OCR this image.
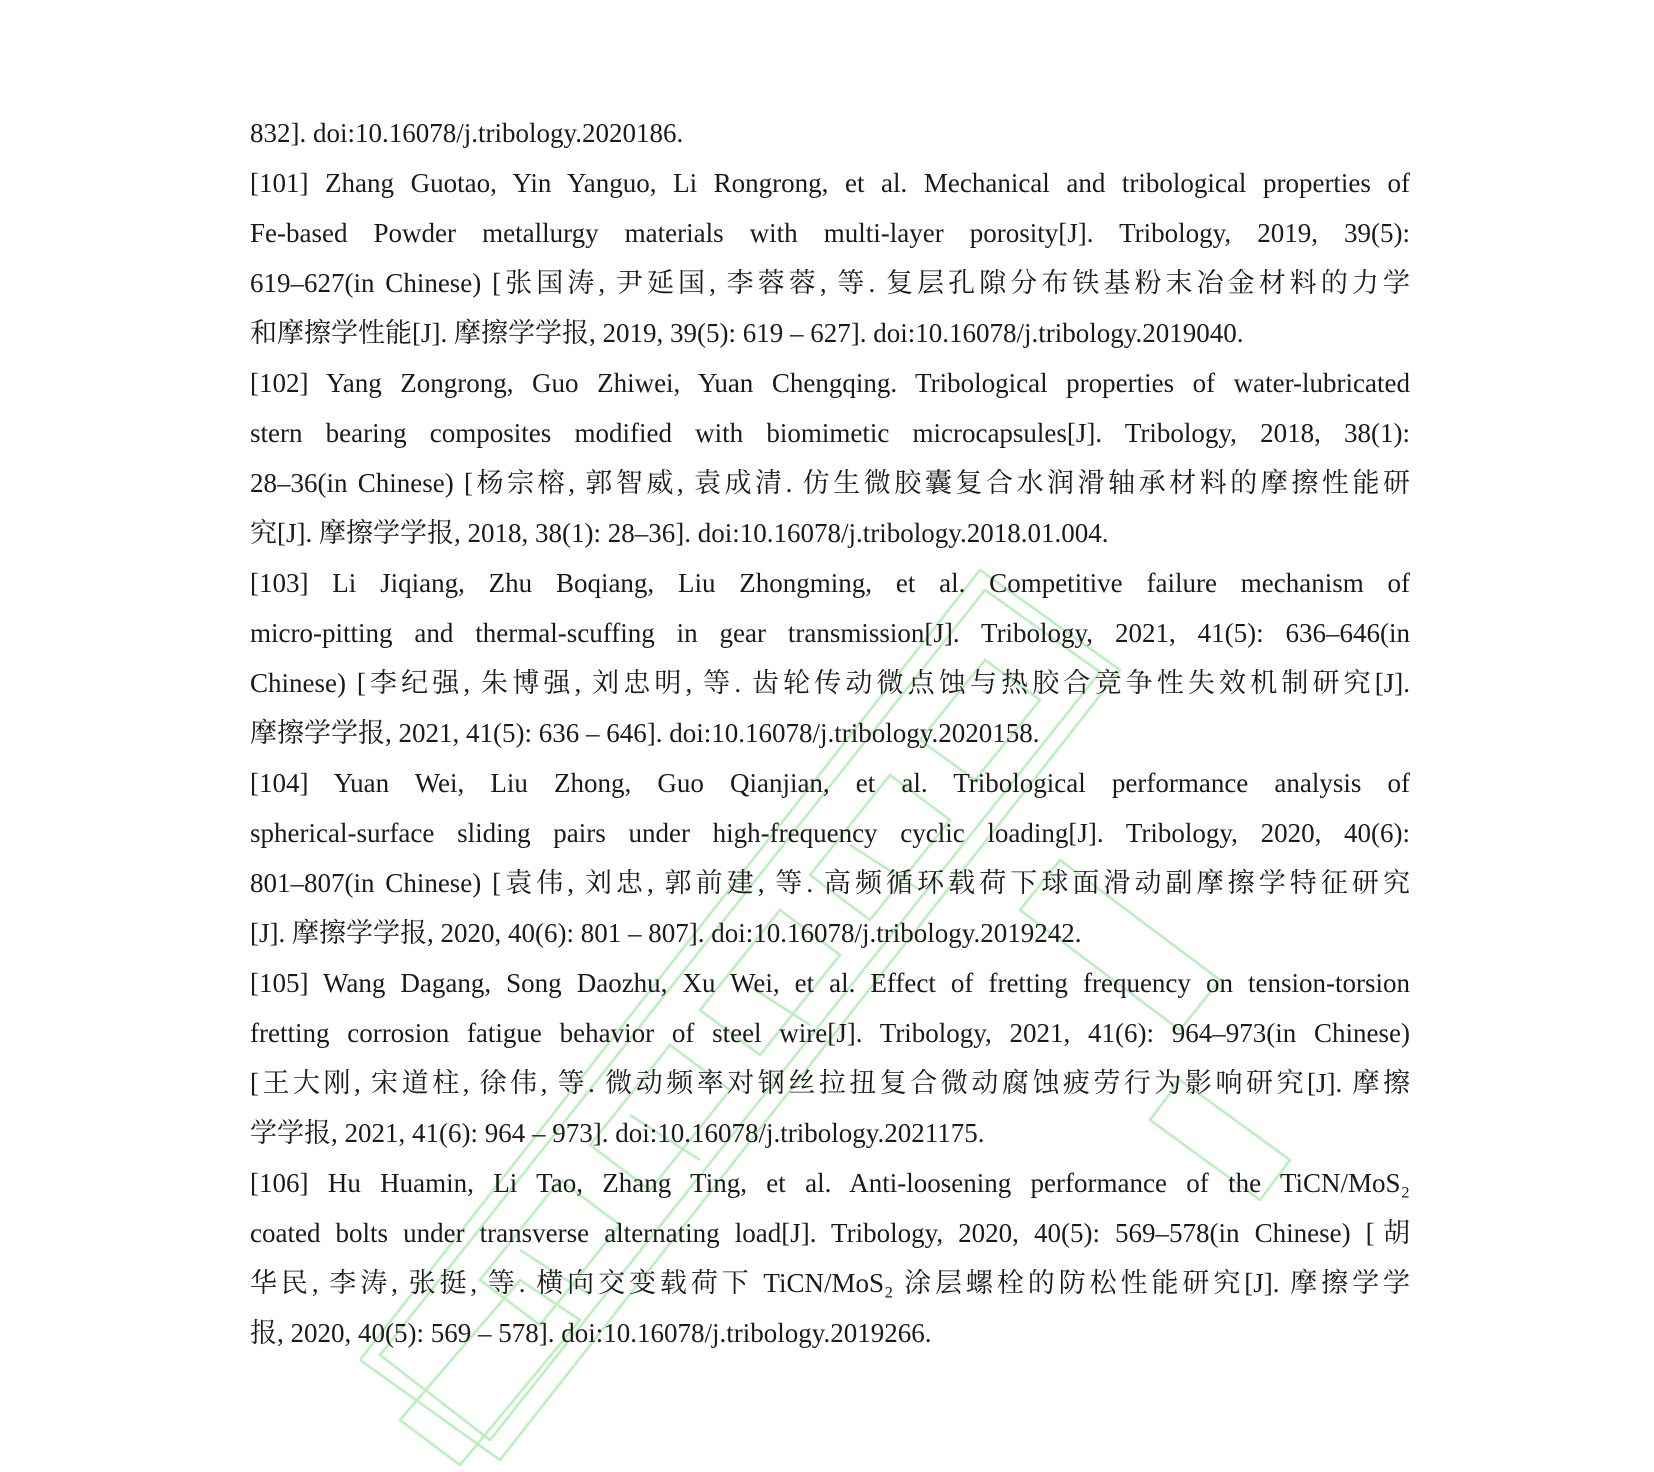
832]. doi:10.16078/j.tribology.2020186.
[101] Zhang Guotao, Yin Yanguo, Li Rongrong, et al. Mechanical and tribological properties of
Fe-based Powder metallurgy materials with multi-layer porosity[J]. Tribology, 2019, 39(5):
619–627(in Chinese) [张国涛, 尹延国, 李蓉蓉, 等. 复层孔隙分布铁基粉末冶金材料的力学
和摩擦学性能[J]. 摩擦学学报, 2019, 39(5): 619 – 627]. doi:10.16078/j.tribology.2019040.
[102] Yang Zongrong, Guo Zhiwei, Yuan Chengqing. Tribological properties of water-lubricated
stern bearing composites modified with biomimetic microcapsules[J]. Tribology, 2018, 38(1):
28–36(in Chinese) [杨宗榕, 郭智威, 袁成清. 仿生微胶囊复合水润滑轴承材料的摩擦性能研
究[J]. 摩擦学学报, 2018, 38(1): 28–36]. doi:10.16078/j.tribology.2018.01.004.
[103] Li Jiqiang, Zhu Boqiang, Liu Zhongming, et al. Competitive failure mechanism of
micro-pitting and thermal-scuffing in gear transmission[J]. Tribology, 2021, 41(5): 636–646(in
Chinese) [李纪强, 朱博强, 刘忠明, 等. 齿轮传动微点蚀与热胶合竞争性失效机制研究[J].
摩擦学学报, 2021, 41(5): 636 – 646]. doi:10.16078/j.tribology.2020158.
[104] Yuan Wei, Liu Zhong, Guo Qianjian, et al. Tribological performance analysis of
spherical-surface sliding pairs under high-frequency cyclic loading[J]. Tribology, 2020, 40(6):
801–807(in Chinese) [袁伟, 刘忠, 郭前建, 等. 高频循环载荷下球面滑动副摩擦学特征研究
[J]. 摩擦学学报, 2020, 40(6): 801 – 807]. doi:10.16078/j.tribology.2019242.
[105] Wang Dagang, Song Daozhu, Xu Wei, et al. Effect of fretting frequency on tension-torsion
fretting corrosion fatigue behavior of steel wire[J]. Tribology, 2021, 41(6): 964–973(in Chinese)
[王大刚, 宋道柱, 徐伟, 等. 微动频率对钢丝拉扭复合微动腐蚀疲劳行为影响研究[J]. 摩擦
学学报, 2021, 41(6): 964 – 973]. doi:10.16078/j.tribology.2021175.
[106] Hu Huamin, Li Tao, Zhang Ting, et al. Anti-loosening performance of the TiCN/MoS₂
coated bolts under transverse alternating load[J]. Tribology, 2020, 40(5): 569–578(in Chinese) [胡
华民, 李涛, 张挺, 等. 横向交变载荷下 TiCN/MoS₂ 涂层螺栓的防松性能研究[J]. 摩擦学学
报, 2020, 40(5): 569 – 578]. doi:10.16078/j.tribology.2019266.
